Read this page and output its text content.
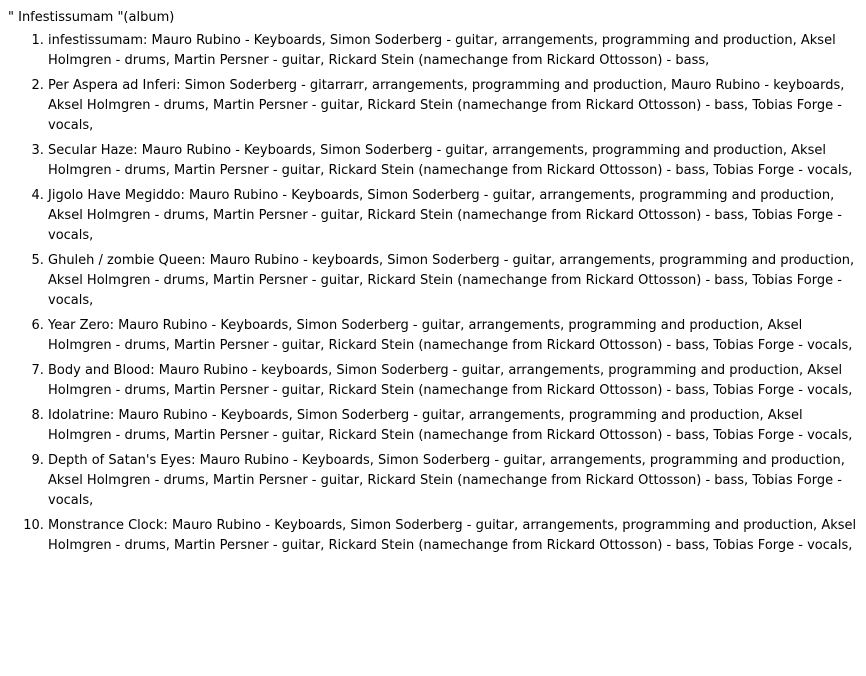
" Infestissumam "(album)
1. infestissumam: Mauro Rubino - Keyboards, Simon Soderberg - guitar, arrangements, programming and production, Aksel Holmgren - drums, Martin Persner - guitar, Rickard Stein (namechange from Rickard Ottosson) - bass,
2. Per Aspera ad Inferi: Simon Soderberg - gitarrarr, arrangements, programming and production, Mauro Rubino - keyboards, Aksel Holmgren - drums, Martin Persner - guitar, Rickard Stein (namechange from Rickard Ottosson) - bass, Tobias Forge - vocals,
3. Secular Haze: Mauro Rubino - Keyboards, Simon Soderberg - guitar, arrangements, programming and production, Aksel Holmgren - drums, Martin Persner - guitar, Rickard Stein (namechange from Rickard Ottosson) - bass, Tobias Forge - vocals,
4. Jigolo Have Megiddo: Mauro Rubino - Keyboards, Simon Soderberg - guitar, arrangements, programming and production, Aksel Holmgren - drums, Martin Persner - guitar, Rickard Stein (namechange from Rickard Ottosson) - bass, Tobias Forge - vocals,
5. Ghuleh / zombie Queen: Mauro Rubino - keyboards, Simon Soderberg - guitar, arrangements, programming and production, Aksel Holmgren - drums, Martin Persner - guitar, Rickard Stein (namechange from Rickard Ottosson) - bass, Tobias Forge - vocals,
6. Year Zero: Mauro Rubino - Keyboards, Simon Soderberg - guitar, arrangements, programming and production, Aksel Holmgren - drums, Martin Persner - guitar, Rickard Stein (namechange from Rickard Ottosson) - bass, Tobias Forge - vocals,
7. Body and Blood: Mauro Rubino - keyboards, Simon Soderberg - guitar, arrangements, programming and production, Aksel Holmgren - drums, Martin Persner - guitar, Rickard Stein (namechange from Rickard Ottosson) - bass, Tobias Forge - vocals,
8. Idolatrine: Mauro Rubino - Keyboards, Simon Soderberg - guitar, arrangements, programming and production, Aksel Holmgren - drums, Martin Persner - guitar, Rickard Stein (namechange from Rickard Ottosson) - bass, Tobias Forge - vocals,
9. Depth of Satan's Eyes: Mauro Rubino - Keyboards, Simon Soderberg - guitar, arrangements, programming and production, Aksel Holmgren - drums, Martin Persner - guitar, Rickard Stein (namechange from Rickard Ottosson) - bass, Tobias Forge - vocals,
10. Monstrance Clock: Mauro Rubino - Keyboards, Simon Soderberg - guitar, arrangements, programming and production, Aksel Holmgren - drums, Martin Persner - guitar, Rickard Stein (namechange from Rickard Ottosson) - bass, Tobias Forge - vocals,
